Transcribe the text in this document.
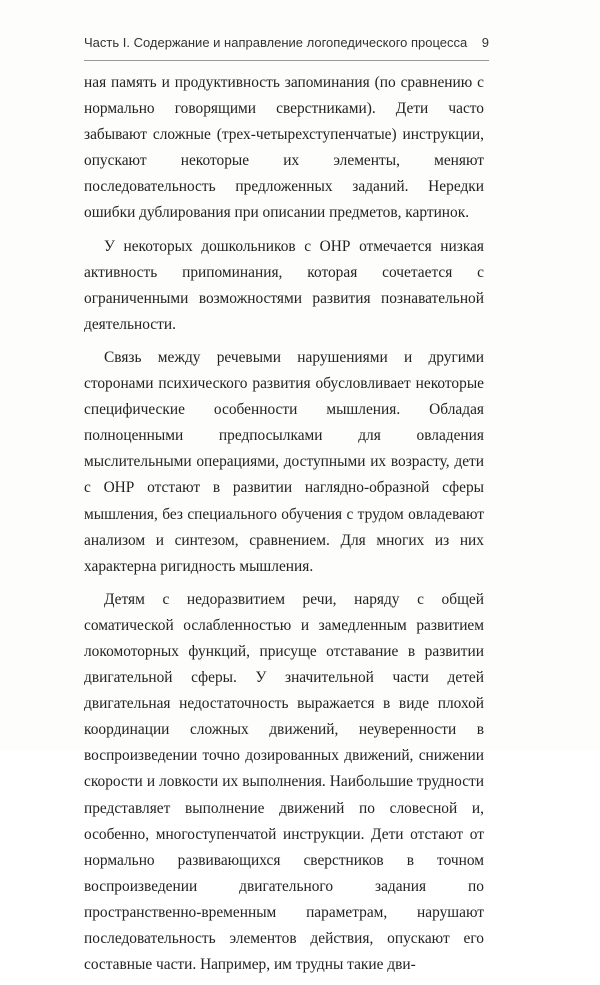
Часть I. Содержание и направление логопедического процесса 9

ная память и продуктивность запоминания (по сравнению с нормально говорящими сверстниками). Дети часто забывают сложные (трех-четырехступенчатые) инструкции, опускают некоторые их элементы, меняют последовательность предложенных заданий. Нередки ошибки дублирования при описании предметов, картинок.

У некоторых дошкольников с ОНР отмечается низкая активность припоминания, которая сочетается с ограниченными возможностями развития познавательной деятельности.

Связь между речевыми нарушениями и другими сторонами психического развития обусловливает некоторые специфические особенности мышления. Обладая полноценными предпосылками для овладения мыслительными операциями, доступными их возрасту, дети с ОНР отстают в развитии наглядно-образной сферы мышления, без специального обучения с трудом овладевают анализом и синтезом, сравнением. Для многих из них характерна ригидность мышления.

Детям с недоразвитием речи, наряду с общей соматической ослабленностью и замедленным развитием локомоторных функций, присуще отставание в развитии двигательной сферы. У значительной части детей двигательная недостаточность выражается в виде плохой координации сложных движений, неуверенности в воспроизведении точно дозированных движений, снижении скорости и ловкости их выполнения. Наибольшие трудности представляет выполнение движений по словесной и, особенно, многоступенчатой инструкции. Дети отстают от нормально развивающихся сверстников в точном воспроизведении двигательного задания по пространственно-временным параметрам, нарушают последовательность элементов действия, опускают его составные части. Например, им трудны такие дви-
